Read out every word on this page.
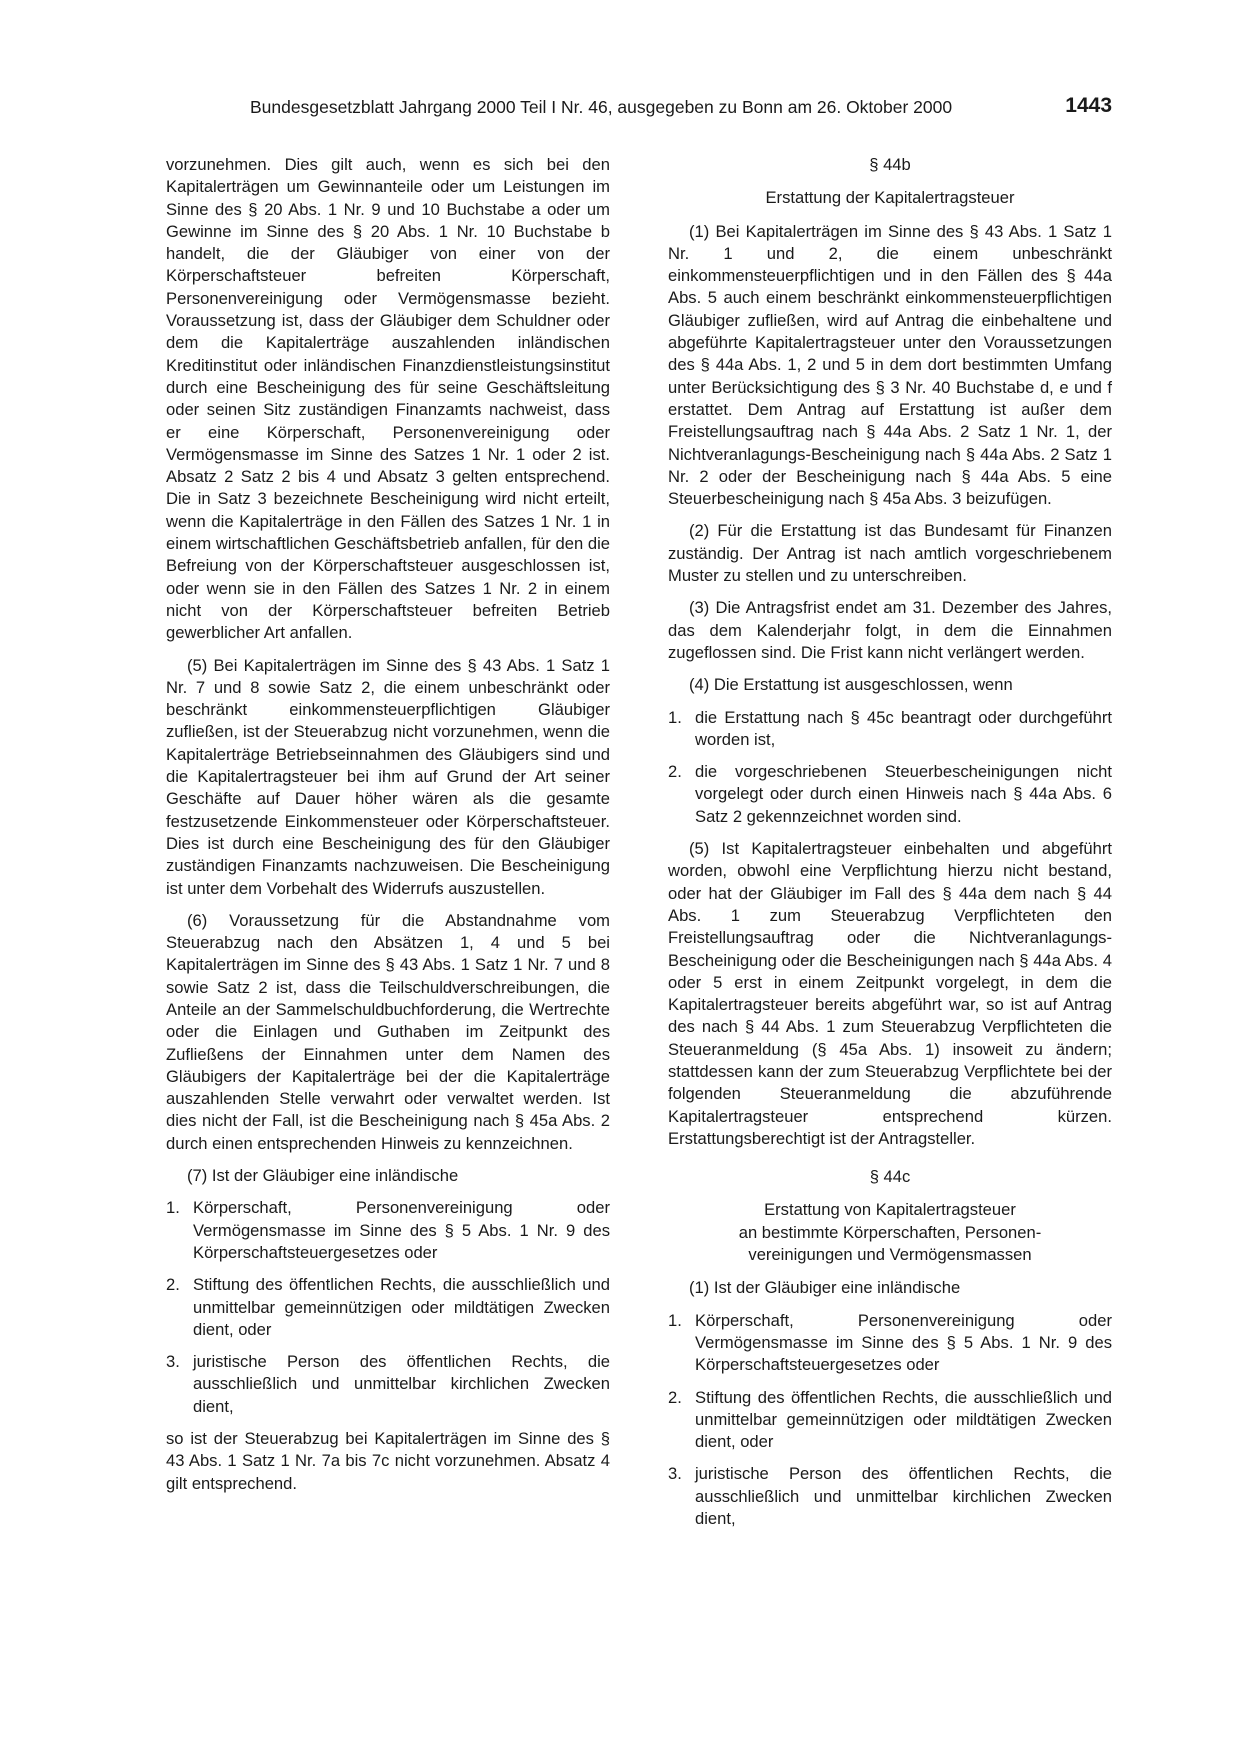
Bundesgesetzblatt Jahrgang 2000 Teil I Nr. 46, ausgegeben zu Bonn am 26. Oktober 2000	1443

vorzunehmen. Dies gilt auch, wenn es sich bei den Kapitalerträgen um Gewinnanteile oder um Leistungen im Sinne des § 20 Abs. 1 Nr. 9 und 10 Buchstabe a oder um Gewinne im Sinne des § 20 Abs. 1 Nr. 10 Buchstabe b handelt, die der Gläubiger von einer von der Körperschaftsteuer befreiten Körperschaft, Personenvereinigung oder Vermögensmasse bezieht. Voraussetzung ist, dass der Gläubiger dem Schuldner oder dem die Kapitalerträge auszahlenden inländischen Kreditinstitut oder inländischen Finanzdienstleistungsinstitut durch eine Bescheinigung des für seine Geschäftsleitung oder seinen Sitz zuständigen Finanzamts nachweist, dass er eine Körperschaft, Personenvereinigung oder Vermögensmasse im Sinne des Satzes 1 Nr. 1 oder 2 ist. Absatz 2 Satz 2 bis 4 und Absatz 3 gelten entsprechend. Die in Satz 3 bezeichnete Bescheinigung wird nicht erteilt, wenn die Kapitalerträge in den Fällen des Satzes 1 Nr. 1 in einem wirtschaftlichen Geschäftsbetrieb anfallen, für den die Befreiung von der Körperschaftsteuer ausgeschlossen ist, oder wenn sie in den Fällen des Satzes 1 Nr. 2 in einem nicht von der Körperschaftsteuer befreiten Betrieb gewerblicher Art anfallen.

(5) Bei Kapitalerträgen im Sinne des § 43 Abs. 1 Satz 1 Nr. 7 und 8 sowie Satz 2, die einem unbeschränkt oder beschränkt einkommensteuerpflichtigen Gläubiger zufließen, ist der Steuerabzug nicht vorzunehmen, wenn die Kapitalerträge Betriebseinnahmen des Gläubigers sind und die Kapitalertragsteuer bei ihm auf Grund der Art seiner Geschäfte auf Dauer höher wären als die gesamte festzusetzende Einkommensteuer oder Körperschaftsteuer. Dies ist durch eine Bescheinigung des für den Gläubiger zuständigen Finanzamts nachzuweisen. Die Bescheinigung ist unter dem Vorbehalt des Widerrufs auszustellen.

(6) Voraussetzung für die Abstandnahme vom Steuerabzug nach den Absätzen 1, 4 und 5 bei Kapitalerträgen im Sinne des § 43 Abs. 1 Satz 1 Nr. 7 und 8 sowie Satz 2 ist, dass die Teilschuldverschreibungen, die Anteile an der Sammelschuldbuchforderung, die Wertrechte oder die Einlagen und Guthaben im Zeitpunkt des Zufließens der Einnahmen unter dem Namen des Gläubigers der Kapitalerträge bei der die Kapitalerträge auszahlenden Stelle verwahrt oder verwaltet werden. Ist dies nicht der Fall, ist die Bescheinigung nach § 45a Abs. 2 durch einen entsprechenden Hinweis zu kennzeichnen.

(7) Ist der Gläubiger eine inländische

1. Körperschaft, Personenvereinigung oder Vermögensmasse im Sinne des § 5 Abs. 1 Nr. 9 des Körperschaftsteuergesetzes oder
2. Stiftung des öffentlichen Rechts, die ausschließlich und unmittelbar gemeinnützigen oder mildtätigen Zwecken dient, oder
3. juristische Person des öffentlichen Rechts, die ausschließlich und unmittelbar kirchlichen Zwecken dient,

so ist der Steuerabzug bei Kapitalerträgen im Sinne des § 43 Abs. 1 Satz 1 Nr. 7a bis 7c nicht vorzunehmen. Absatz 4 gilt entsprechend.

§ 44b
Erstattung der Kapitalertragsteuer

(1) Bei Kapitalerträgen im Sinne des § 43 Abs. 1 Satz 1 Nr. 1 und 2, die einem unbeschränkt einkommensteuerpflichtigen und in den Fällen des § 44a Abs. 5 auch einem beschränkt einkommensteuerpflichtigen Gläubiger zufließen, wird auf Antrag die einbehaltene und abgeführte Kapitalertragsteuer unter den Voraussetzungen des § 44a Abs. 1, 2 und 5 in dem dort bestimmten Umfang unter Berücksichtigung des § 3 Nr. 40 Buchstabe d, e und f erstattet. Dem Antrag auf Erstattung ist außer dem Freistellungsauftrag nach § 44a Abs. 2 Satz 1 Nr. 1, der Nichtveranlagungs-Bescheinigung nach § 44a Abs. 2 Satz 1 Nr. 2 oder der Bescheinigung nach § 44a Abs. 5 eine Steuerbescheinigung nach § 45a Abs. 3 beizufügen.

(2) Für die Erstattung ist das Bundesamt für Finanzen zuständig. Der Antrag ist nach amtlich vorgeschriebenem Muster zu stellen und zu unterschreiben.

(3) Die Antragsfrist endet am 31. Dezember des Jahres, das dem Kalenderjahr folgt, in dem die Einnahmen zugeflossen sind. Die Frist kann nicht verlängert werden.

(4) Die Erstattung ist ausgeschlossen, wenn

1. die Erstattung nach § 45c beantragt oder durchgeführt worden ist,
2. die vorgeschriebenen Steuerbescheinigungen nicht vorgelegt oder durch einen Hinweis nach § 44a Abs. 6 Satz 2 gekennzeichnet worden sind.

(5) Ist Kapitalertragsteuer einbehalten und abgeführt worden, obwohl eine Verpflichtung hierzu nicht bestand, oder hat der Gläubiger im Fall des § 44a dem nach § 44 Abs. 1 zum Steuerabzug Verpflichteten den Freistellungsauftrag oder die Nichtveranlagungs-Bescheinigung oder die Bescheinigungen nach § 44a Abs. 4 oder 5 erst in einem Zeitpunkt vorgelegt, in dem die Kapitalertragsteuer bereits abgeführt war, so ist auf Antrag des nach § 44 Abs. 1 zum Steuerabzug Verpflichteten die Steueranmeldung (§ 45a Abs. 1) insoweit zu ändern; stattdessen kann der zum Steuerabzug Verpflichtete bei der folgenden Steueranmeldung die abzuführende Kapitalertragsteuer entsprechend kürzen. Erstattungsberechtigt ist der Antragsteller.

§ 44c
Erstattung von Kapitalertragsteuer
an bestimmte Körperschaften, Personen-
vereinigungen und Vermögensmassen

(1) Ist der Gläubiger eine inländische

1. Körperschaft, Personenvereinigung oder Vermögensmasse im Sinne des § 5 Abs. 1 Nr. 9 des Körperschaftsteuergesetzes oder
2. Stiftung des öffentlichen Rechts, die ausschließlich und unmittelbar gemeinnützigen oder mildtätigen Zwecken dient, oder
3. juristische Person des öffentlichen Rechts, die ausschließlich und unmittelbar kirchlichen Zwecken dient,
